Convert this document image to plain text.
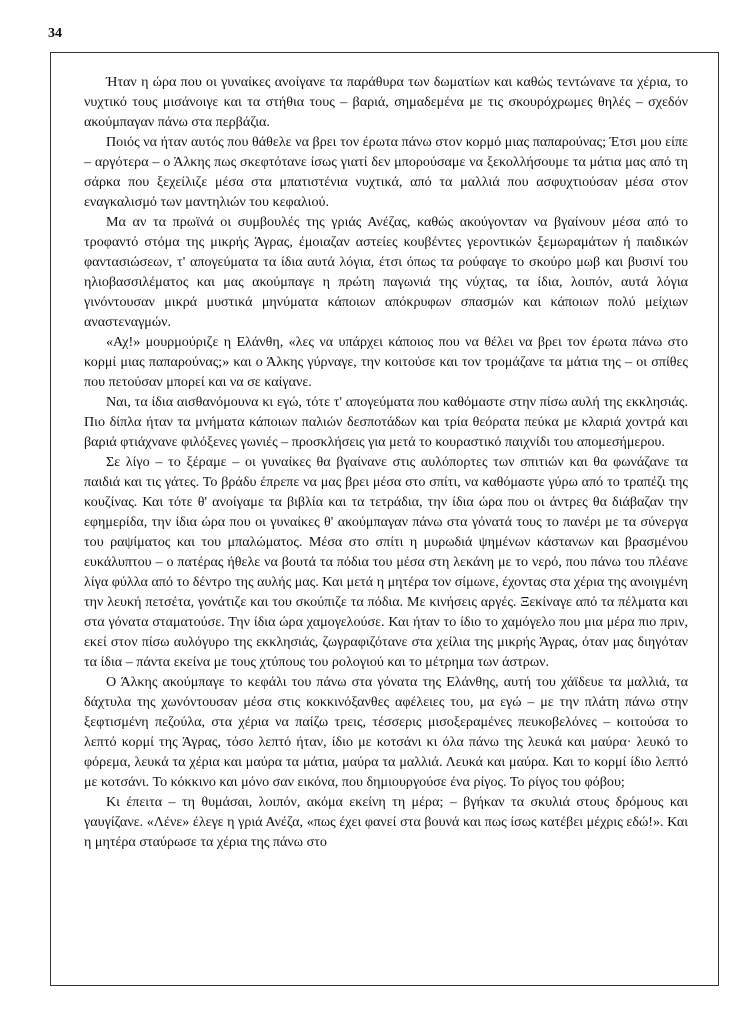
34

Ήταν η ώρα που οι γυναίκες ανοίγανε τα παράθυρα των δωματίων και καθώς τεντώνανε τα χέρια, το νυχτικό τους μισάνοιγε και τα στήθια τους – βαριά, σημαδεμένα με τις σκουρόχρωμες θηλές – σχεδόν ακούμπαγαν πάνω στα περβάζια.

Ποιός να ήταν αυτός που θάθελε να βρει τον έρωτα πάνω στον κορμό μιας παπαρούνας; Έτσι μου είπε – αργότερα – ο Άλκης πως σκεφτότανε ίσως γιατί δεν μπορούσαμε να ξεκολλήσουμε τα μάτια μας από τη σάρκα που ξεχείλιζε μέσα στα μπατιστένια νυχτικά, από τα μαλλιά που ασφυχτιούσαν μέσα στον εναγκαλισμό των μαντηλιών του κεφαλιού.

Μα αν τα πρωϊνά οι συμβουλές της γριάς Ανέζας, καθώς ακούγονταν να βγαίνουν μέσα από το τροφαντό στόμα της μικρής Άγρας, έμοιαζαν αστείες κουβέντες γεροντικών ξεμωραμάτων ή παιδικών φαντασιώσεων, τ' απογεύματα τα ίδια αυτά λόγια, έτσι όπως τα ρούφαγε το σκούρο μωβ και βυσινί του ηλιοβασσιλέματος και μας ακούμπαγε η πρώτη παγωνιά της νύχτας, τα ίδια, λοιπόν, αυτά λόγια γινόντουσαν μικρά μυστικά μηνύματα κάποιων απόκρυφων σπασμών και κάποιων πολύ μείχιων αναστεναγμών.

«Αχ!» μουρμούριζε η Ελάνθη, «λες να υπάρχει κάποιος που να θέλει να βρει τον έρωτα πάνω στο κορμί μιας παπαρούνας;» και ο Άλκης γύρναγε, την κοιτούσε και τον τρομάζανε τα μάτια της – οι σπίθες που πετούσαν μπορεί και να σε καίγανε.

Ναι, τα ίδια αισθανόμουνα κι εγώ, τότε τ' απογεύματα που καθόμαστε στην πίσω αυλή της εκκλησιάς. Πιο δίπλα ήταν τα μνήματα κάποιων παλιών δεσποτάδων και τρία θεόρατα πεύκα με κλαριά χοντρά και βαριά φτιάχνανε φιλόξενες γωνιές – προσκλήσεις για μετά το κουραστικό παιχνίδι του απομεσήμερου.

Σε λίγο – το ξέραμε – οι γυναίκες θα βγαίνανε στις αυλόπορτες των σπιτιών και θα φωνάζανε τα παιδιά και τις γάτες. Το βράδυ έπρεπε να μας βρει μέσα στο σπίτι, να καθόμαστε γύρω από το τραπέζι της κουζίνας. Και τότε θ' ανοίγαμε τα βιβλία και τα τετράδια, την ίδια ώρα που οι άντρες θα διάβαζαν την εφημερίδα, την ίδια ώρα που οι γυναίκες θ' ακούμπαγαν πάνω στα γόνατά τους το πανέρι με τα σύνεργα του ραψίματος και του μπαλώματος. Μέσα στο σπίτι η μυρωδιά ψημένων κάστανων και βρασμένου ευκάλυπτου – ο πατέρας ήθελε να βουτά τα πόδια του μέσα στη λεκάνη με το νερό, που πάνω του πλέανε λίγα φύλλα από το δέντρο της αυλής μας. Και μετά η μητέρα τον σίμωνε, έχοντας στα χέρια της ανοιγμένη την λευκή πετσέτα, γονάτιζε και του σκούπιζε τα πόδια. Με κινήσεις αργές. Ξεκίναγε από τα πέλματα και στα γόνατα σταματούσε. Την ίδια ώρα χαμογελούσε. Και ήταν το ίδιο το χαμόγελο που μια μέρα πιο πριν, εκεί στον πίσω αυλόγυρο της εκκλησιάς, ζωγραφιζότανε στα χείλια της μικρής Άγρας, όταν μας διηγόταν τα ίδια – πάντα εκείνα με τους χτύπους του ρολογιού και το μέτρημα των άστρων.

Ο Άλκης ακούμπαγε το κεφάλι του πάνω στα γόνατα της Ελάνθης, αυτή του χάϊδευε τα μαλλιά, τα δάχτυλα της χωνόντουσαν μέσα στις κοκκινόξανθες αφέλειες του, μα εγώ – με την πλάτη πάνω στην ξεφτισμένη πεζούλα, στα χέρια να παίζω τρεις, τέσσερις μισοξεραμένες πευκοβελόνες – κοιτούσα το λεπτό κορμί της Άγρας, τόσο λεπτό ήταν, ίδιο με κοτσάνι κι όλα πάνω της λευκά και μαύρα· λευκό το φόρεμα, λευκά τα χέρια και μαύρα τα μάτια, μαύρα τα μαλλιά. Λευκά και μαύρα. Και το κορμί ίδιο λεπτό με κοτσάνι. Το κόκκινο και μόνο σαν εικόνα, που δημιουργούσε ένα ρίγος. Το ρίγος του φόβου;

Κι έπειτα – τη θυμάσαι, λοιπόν, ακόμα εκείνη τη μέρα; – βγήκαν τα σκυλιά στους δρόμους και γαυγίζανε. «Λένε» έλεγε η γριά Ανέζα, «πως έχει φανεί στα βουνά και πως ίσως κατέβει μέχρις εδώ!». Και η μητέρα σταύρωσε τα χέρια της πάνω στο
